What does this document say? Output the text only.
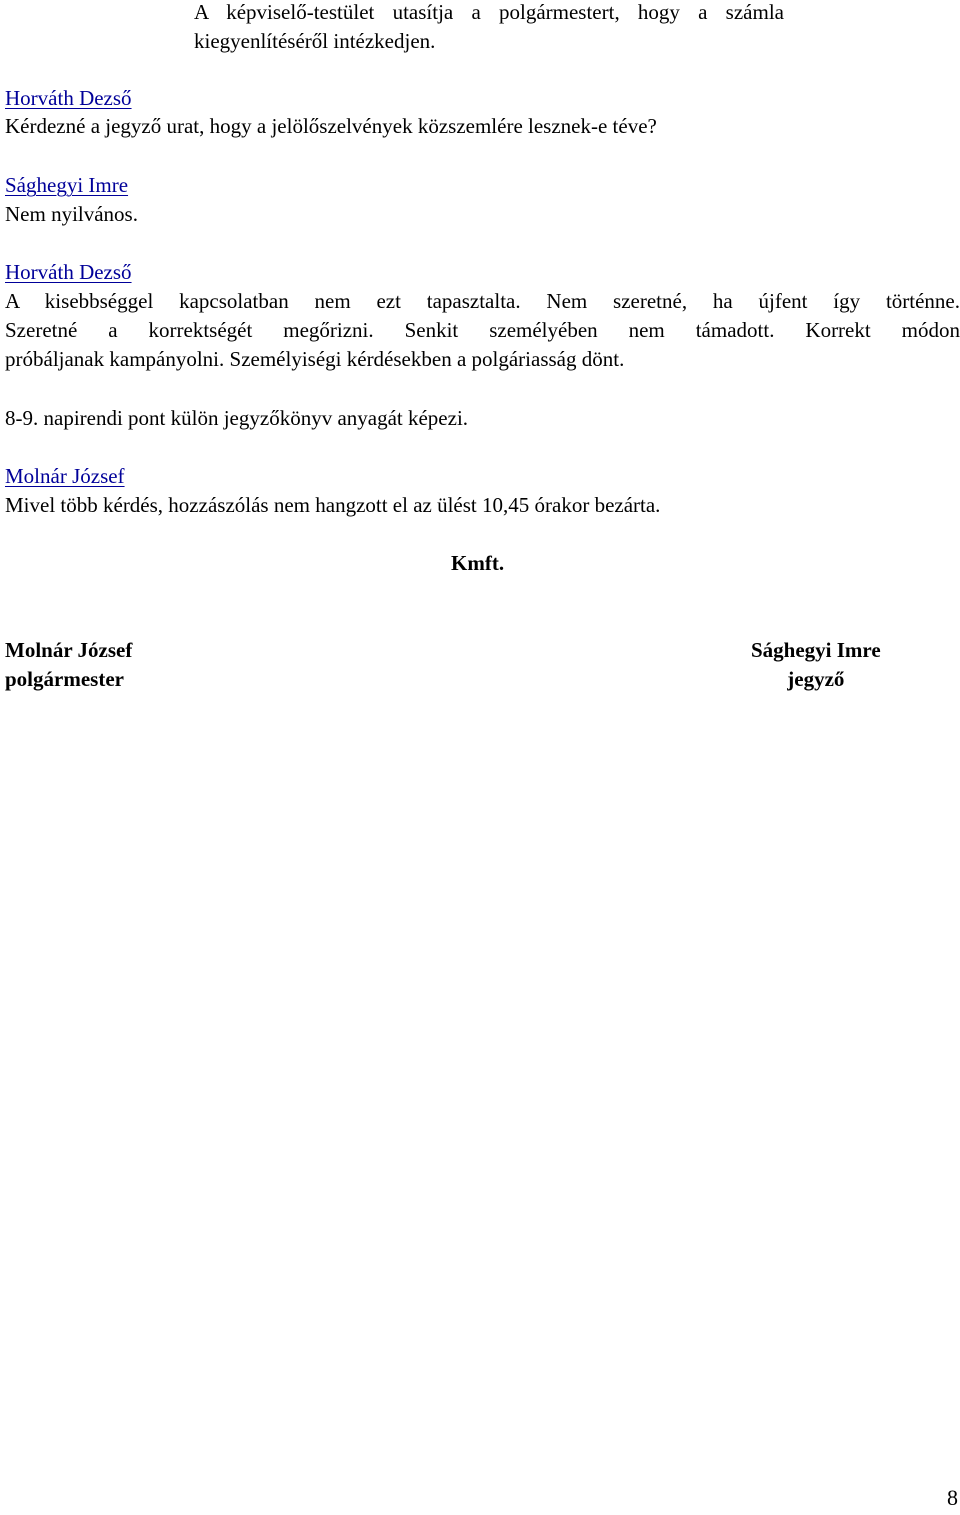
A képviselő-testület utasítja a polgármestert, hogy a számla kiegyenlítéséről intézkedjen.
Horváth Dezső
Kérdezné a jegyző urat, hogy a jelölőszelvények közszemlére lesznek-e téve?
Sághegyi Imre
Nem nyilvános.
Horváth Dezső
A kisebbséggel kapcsolatban nem ezt tapasztalta. Nem szeretné, ha újfent így történne.
Szeretné a korrektségét megőrizni. Senkit személyében nem támadott. Korrekt módon
próbáljanak kampányolni. Személyiségi kérdésekben a polgáriasság dönt.
8-9. napirendi pont külön jegyzőkönyv anyagát képezi.
Molnár József
Mivel több kérdés, hozzászólás nem hangzott el az ülést 10,45 órakor bezárta.
Kmft.
Molnár József
polgármester
Sághegyi Imre
jegyző
8
